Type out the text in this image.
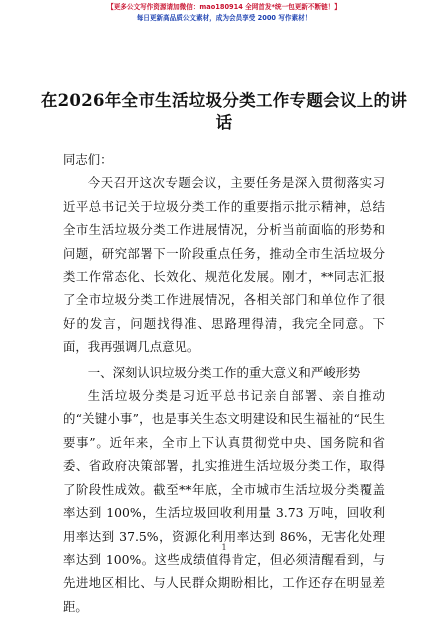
【更多公文写作资源请加微信：mao180914 全网首发*统一包更新不断链！】
每日更新高品质公文素材，成为会员享受 2000 写作素材！
在2026年全市生活垃圾分类工作专题会议上的讲话

同志们：

今天召开这次专题会议，主要任务是深入贯彻落实习近平总书记关于垃圾分类工作的重要指示批示精神，总结全市生活垃圾分类工作进展情况，分析当前面临的形势和问题，研究部署下一阶段重点任务，推动全市生活垃圾分类工作常态化、长效化、规范化发展。刚才，**同志汇报了全市垃圾分类工作进展情况，各相关部门和单位作了很好的发言，问题找得准、思路理得清，我完全同意。下面，我再强调几点意见。

一、深刻认识垃圾分类工作的重大意义和严峻形势

生活垃圾分类是习近平总书记亲自部署、亲自推动的“关键小事”，也是事关生态文明建设和民生福祉的“民生要事”。近年来，全市上下认真贯彻党中央、国务院和省委、省政府决策部署，扎实推进生活垃圾分类工作，取得了阶段性成效。截至**年底，全市城市生活垃圾分类覆盖率达到 100%，生活垃圾回收利用量 3.73 万吨，回收利用率达到 37.5%，资源化利用率达到 86%，无害化处理率达到 100%。这些成绩值得肯定，但必须清醒看到，与先进地区相比、与人民群众期盼相比，工作还存在明显差距。

1
